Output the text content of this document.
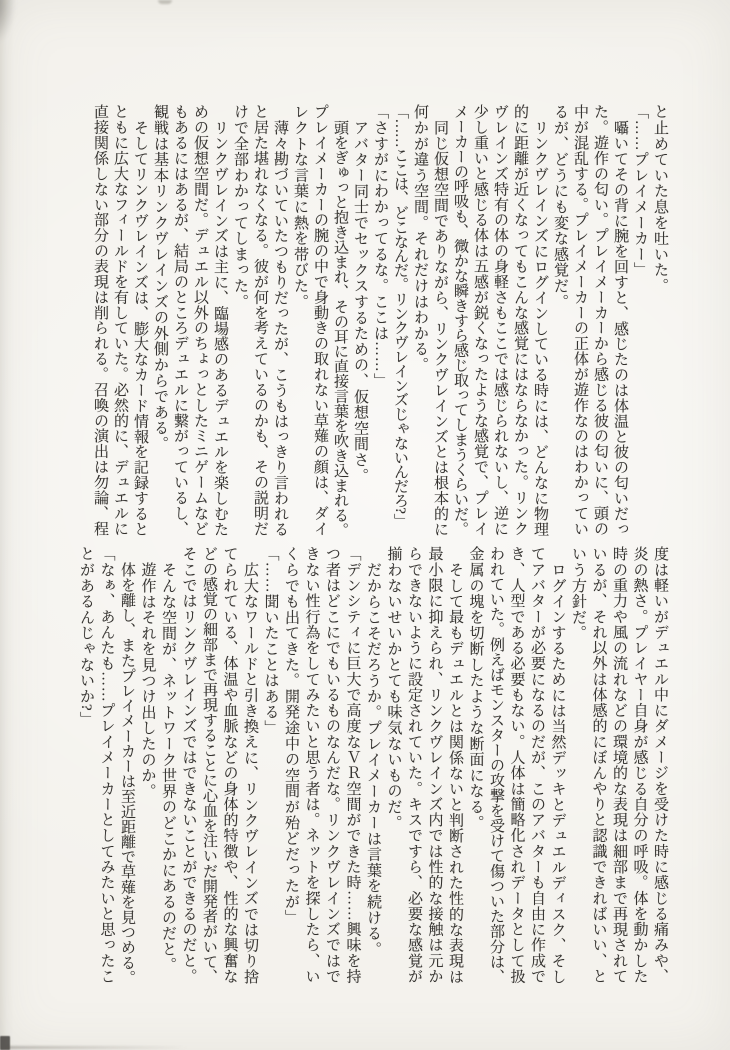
と止めていた息を吐いた。
「……プレイメーカー」
囁いてその背に腕を回すと、感じたのは体温と彼の匂いだっ
た。遊作の匂い。プレイメーカーから感じる彼の匂いに、頭の
中が混乱する。プレイメーカーの正体が遊作なのはわかってい
るが、どうにも変な感覚だ。
リンクヴレインズにログインしている時には、どんなに物理
的に距離が近くなってもこんな感覚にはならなかった。リンク
ヴレインズ特有の体の身軽さもここでは感じられないし、逆に
少し重いと感じる体は五感が鋭くなったような感覚で、プレイ
メーカーの呼吸も、微かな瞬きすら感じ取ってしまうくらいだ。
同じ仮想空間でありながら、リンクヴレインズとは根本的に
何かが違う空間。それだけはわかる。
「……ここは、どこなんだ。リンクヴレインズじゃないんだろ?」
「さすがにわかってるな。ここは……」
アバター同士でセックスするための、仮想空間さ。
頭をぎゅっと抱き込まれ、その耳に直接言葉を吹き込まれる。
プレイメーカーの腕の中で身動きの取れない草薙の顔は、ダイ
レクトな言葉に熱を帯びた。
薄々勘づいていたつもりだったが、こうもはっきり言われる
と居た堪れなくなる。彼が何を考えているのかも、その説明だ
けで全部わかってしまった。
リンクヴレインズは主に、臨場感のあるデュエルを楽しむた
めの仮想空間だ。デュエル以外のちょっとしたミニゲームなど
もあるにはあるが、結局のところデュエルに繋がっているし、
観戦は基本リンクヴレインズの外側からである。
そしてリンクヴレインズは、膨大なカード情報を記録すると
ともに広大なフィールドを有していた。必然的に、デュエルに
直接関係しない部分の表現は削られる。召喚の演出は勿論、程
度は軽いがデュエル中にダメージを受けた時に感じる痛みや、
炎の熱さ。プレイヤー自身が感じる自分の呼吸。体を動かした
時の重力や風の流れなどの環境的な表現は細部まで再現されて
いるが、それ以外は体感的にぼんやりと認識できればいい、と
いう方針だ。
ログインするためには当然デッキとデュエルディスク、そし
てアバターが必要になるのだが、このアバターも自由に作成で
き、人型である必要もない。人体は簡略化されデータとして扱
われていた。例えばモンスターの攻撃を受けて傷ついた部分は、
金属の塊を切断したような断面になる。
そして最もデュエルとは関係ないと判断された性的な表現は
最小限に抑えられ、リンクヴレインズ内では性的な接触は元か
らできないように設定されていた。キスですら、必要な感覚が
揃わないせいかとても味気ないものだ。
だからこそだろうか。プレイメーカーは言葉を続ける。
「デンシティに巨大で高度なＶＲ空間ができた時……興味を持
つ者はどこにでもいるものなんだな。リンクヴレインズではで
きない性行為をしてみたいと思う者は。ネットを探したら、い
くらでも出てきた。開発途中の空間が殆どだったが」
「……聞いたことはある」
広大なワールドと引き換えに、リンクヴレインズでは切り捨
てられている、体温や血脈などの身体的特徴や、性的な興奮な
どの感覚の細部まで再現することに心血を注いだ開発者がいて、
そこではリンクヴレインズではできないことができるのだと。
そんな空間が、ネットワーク世界のどこかにあるのだと。
遊作はそれを見つけ出したのか。
体を離し、またプレイメーカーは至近距離で草薙を見つめる。
「なぁ、あんたも……プレイメーカーとしてみたいと思ったこ
とがあるんじゃないか?」
